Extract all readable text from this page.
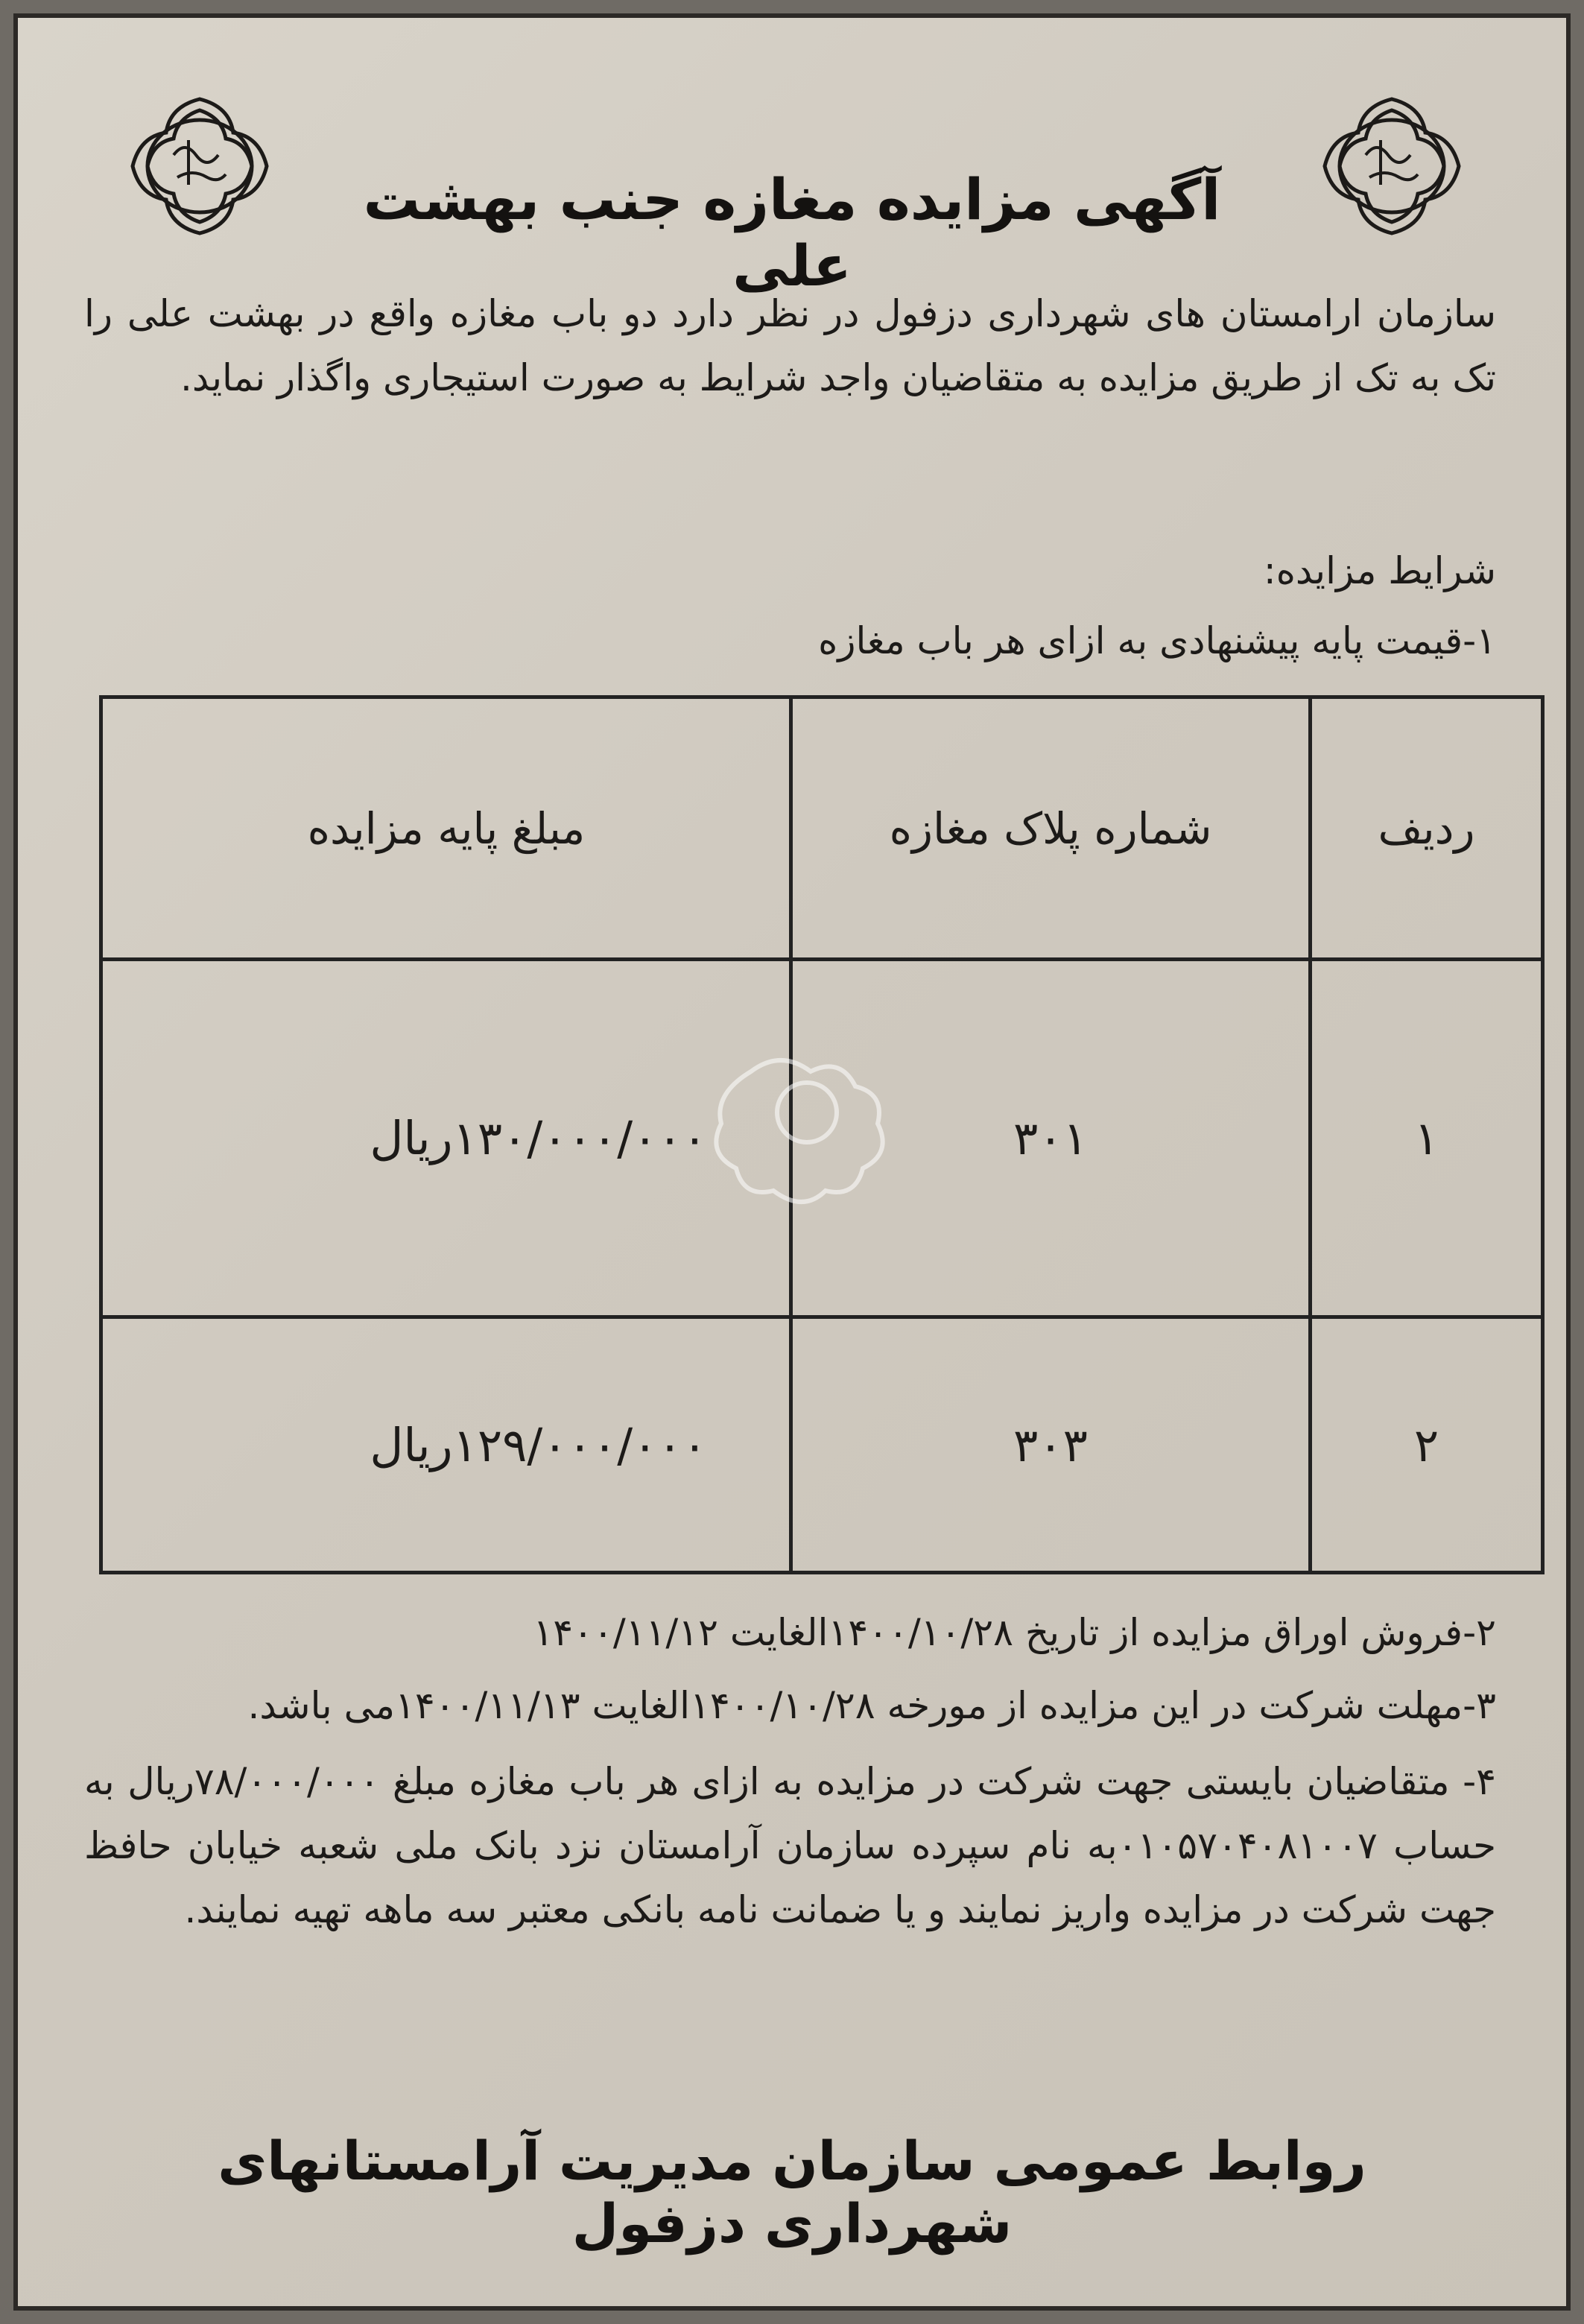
آگهی مزایده مغازه جنب بهشت علی
سازمان ارامستان های شهرداری دزفول در نظر دارد دو باب مغازه واقع در بهشت علی را تک به تک از طریق مزایده به متقاضیان واجد شرایط به صورت استیجاری واگذار نماید.
شرایط مزایده:
۱-قیمت پایه پیشنهادی به ازای هر باب مغازه
ردیف	شماره پلاک مغازه	مبلغ پایه مزایده
۱	۳۰۱	۱۳۰/۰۰۰/۰۰۰ریال
۲	۳۰۳	۱۲۹/۰۰۰/۰۰۰ریال
۲-فروش اوراق مزایده از تاریخ ۱۴۰۰/۱۰/۲۸الغایت ۱۴۰۰/۱۱/۱۲
۳-مهلت شرکت در این مزایده از مورخه ۱۴۰۰/۱۰/۲۸الغایت ۱۴۰۰/۱۱/۱۳می باشد.
۴- متقاضیان بایستی جهت شرکت در مزایده به ازای هر باب مغازه مبلغ ۷۸/۰۰۰/۰۰۰ریال به حساب ۰۱۰۵۷۰۴۰۸۱۰۰۷به نام سپرده سازمان آرامستان نزد بانک ملی شعبه خیابان حافظ جهت شرکت در مزایده واریز نمایند و یا ضمانت نامه بانکی معتبر سه ماهه تهیه نمایند.
روابط عمومی سازمان مدیریت آرامستانهای شهرداری دزفول
